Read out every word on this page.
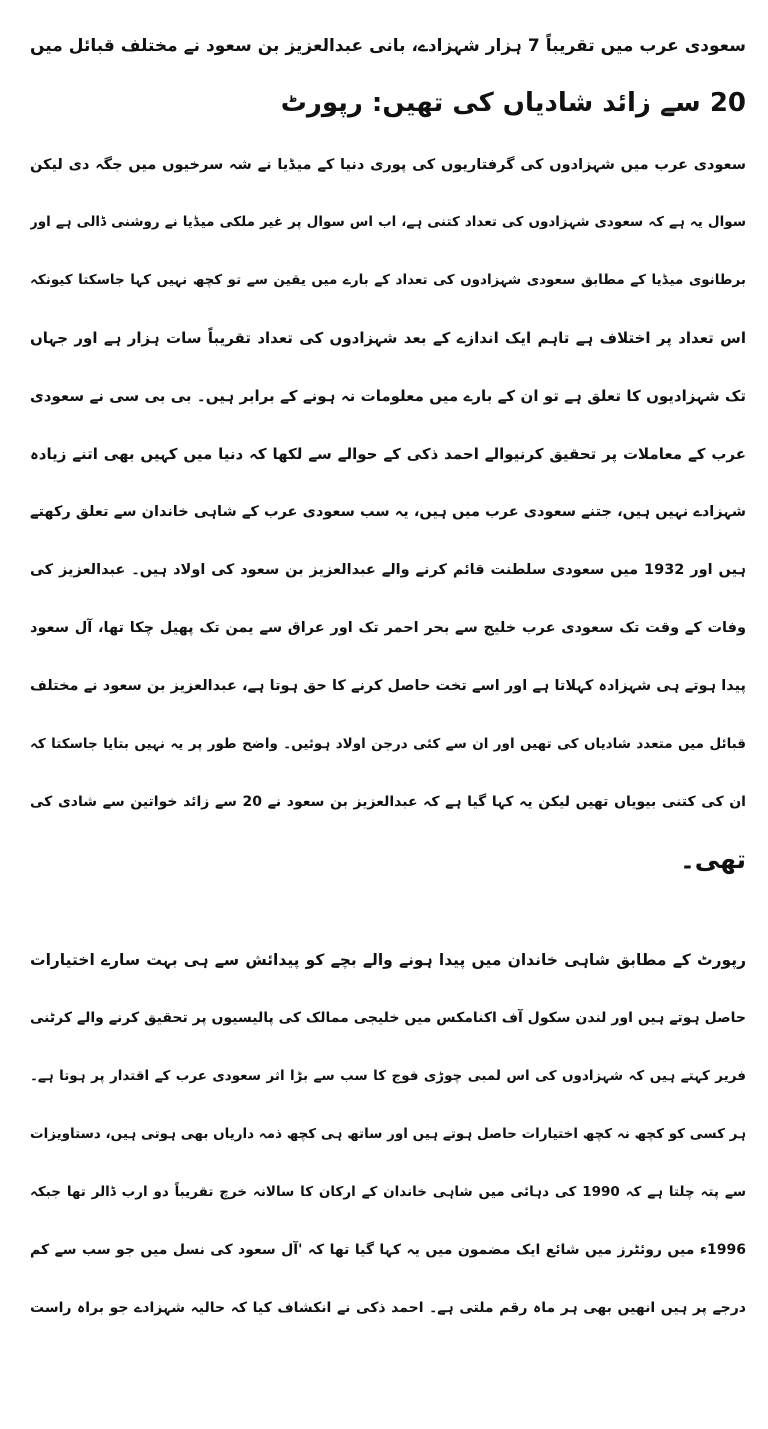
سعودی عرب میں تقریباً 7 ہزار شہزادے، بانی عبدالعزیز بن سعود نے مختلف قبائل میں
20 سے زائد شادیاں کی تھیں: رپورٹ
سعودی عرب میں شہزادوں کی گرفتاریوں کی پوری دنیا کے میڈیا نے شہ سرخیوں میں جگہ دی لیکن
سوال یہ ہے کہ سعودی شہزادوں کی تعداد کتنی ہے، اب اس سوال پر غیر ملکی میڈیا نے روشنی ڈالی ہے اور
برطانوی میڈیا کے مطابق سعودی شہزادوں کی تعداد کے بارے میں یقین سے تو کچھ نہیں کہا جاسکتا کیونکہ
اس تعداد پر اختلاف ہے تاہم ایک اندازے کے بعد شہزادوں کی تعداد تقریباً سات ہزار ہے اور جہاں
تک شہزادیوں کا تعلق ہے تو ان کے بارے میں معلومات نہ ہونے کے برابر ہیں۔ بی بی سی نے سعودی
عرب کے معاملات پر تحقیق کرنیوالے احمد ذکی کے حوالے سے لکھا کہ دنیا میں کہیں بھی اتنے زیادہ
شہزادے نہیں ہیں، جتنے سعودی عرب میں ہیں، یہ سب سعودی عرب کے شاہی خاندان سے تعلق رکھتے
ہیں اور 1932 میں سعودی سلطنت قائم کرنے والے عبدالعزیز بن سعود کی اولاد ہیں۔ عبدالعزیز کی
وفات کے وقت تک سعودی عرب خلیج سے بحر احمر تک اور عراق سے یمن تک پھیل چکا تھا، آل سعود
پیدا ہوتے ہی شہزادہ کہلاتا ہے اور اسے تخت حاصل کرنے کا حق ہوتا ہے، عبدالعزیز بن سعود نے مختلف
قبائل میں متعدد شادیاں کی تھیں اور ان سے کئی درجن اولاد ہوئیں۔ واضح طور پر یہ نہیں بتایا جاسکتا کہ
ان کی کتنی بیویاں تھیں لیکن یہ کہا گیا ہے کہ عبدالعزیز بن سعود نے 20 سے زائد خواتین سے شادی کی
تھی۔
رپورٹ کے مطابق شاہی خاندان میں پیدا ہونے والے بچے کو پیدائش سے ہی بہت سارے اختیارات
حاصل ہوتے ہیں اور لندن سکول آف اکنامکس میں خلیجی ممالک کی پالیسیوں پر تحقیق کرنے والے کرٹنی
فریر کہتے ہیں کہ شہزادوں کی اس لمبی چوڑی فوج کا سب سے بڑا اثر سعودی عرب کے اقتدار پر ہوتا ہے۔
ہر کسی کو کچھ نہ کچھ اختیارات حاصل ہوتے ہیں اور ساتھ ہی کچھ ذمہ داریاں بھی ہوتی ہیں، دستاویزات
سے پتہ چلتا ہے کہ 1990 کی دہائی میں شاہی خاندان کے ارکان کا سالانہ خرچ تقریباً دو ارب ڈالر تھا جبکہ
1996ء میں روئٹرز میں شائع ایک مضمون میں یہ کہا گیا تھا کہ 'آل سعود کی نسل میں جو سب سے کم
درجے پر ہیں انھیں بھی ہر ماہ رقم ملتی ہے۔ احمد ذکی نے انکشاف کیا کہ حالیہ شہزادے جو براہ راست
